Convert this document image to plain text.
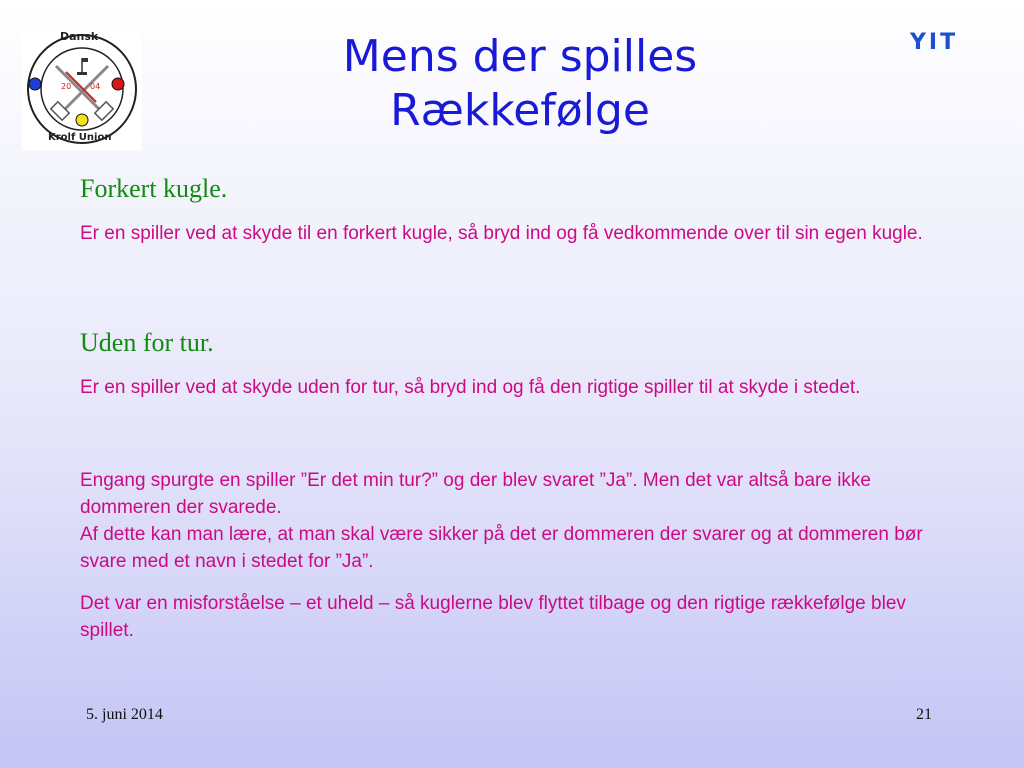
Dansk
20 04
Krolf Union
YIT
Mens der spilles
Rækkefølge
Forkert kugle.
Er en spiller ved at skyde til en forkert kugle, så bryd ind og få vedkommende over til sin egen kugle.
Uden for tur.
Er en spiller ved at skyde uden for tur, så bryd ind og få den rigtige spiller til at skyde i stedet.
Engang spurgte en spiller ”Er det min tur?” og der blev svaret ”Ja”. Men det var altså bare ikke dommeren der svarede.
Af dette kan man lære, at man skal være sikker på det er dommeren der svarer og at dommeren bør svare med et navn i stedet for ”Ja”.
Det var en misforståelse – et uheld – så kuglerne blev flyttet tilbage og den rigtige rækkefølge blev spillet.
5. juni 2014	21
